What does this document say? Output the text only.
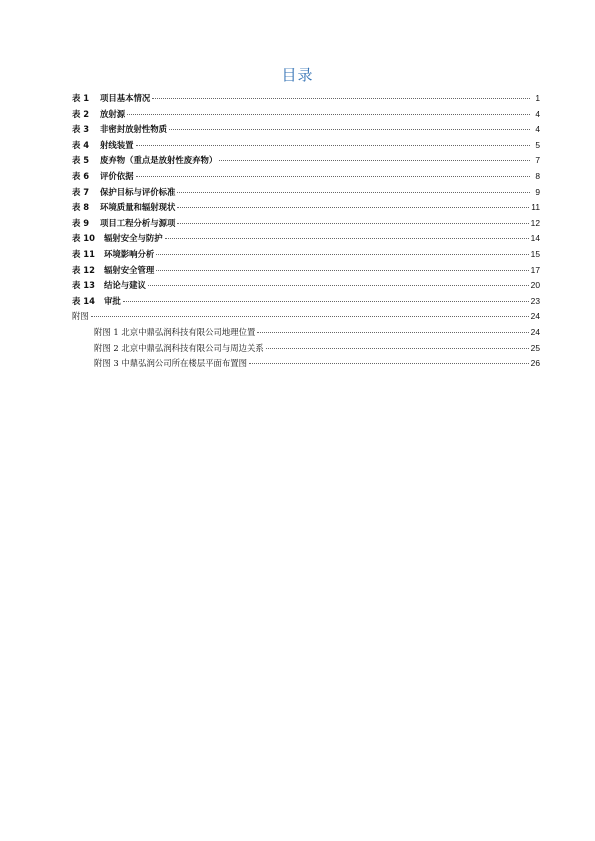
目录
表 1 项目基本情况	1
表 2 放射源	4
表 3 非密封放射性物质	4
表 4 射线装置	5
表 5 废弃物（重点是放射性废弃物）	7
表 6 评价依据	8
表 7 保护目标与评价标准	9
表 8 环境质量和辐射现状	11
表 9 项目工程分析与源项	12
表 10 辐射安全与防护	14
表 11 环境影响分析	15
表 12 辐射安全管理	17
表 13 结论与建议	20
表 14 审批	23
附图	24
附图 1 北京中鼎弘润科技有限公司地理位置	24
附图 2 北京中鼎弘润科技有限公司与周边关系	25
附图 3 中鼎弘润公司所在楼层平面布置图	26
